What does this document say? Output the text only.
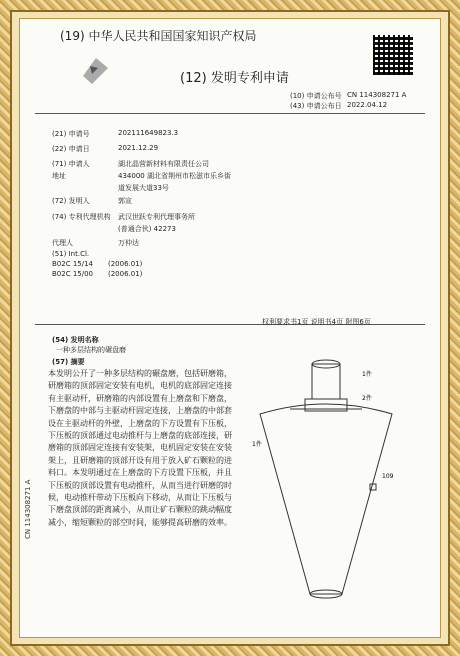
(19) 中华人民共和国国家知识产权局
(12) 发明专利申请
(10) 申请公布号 CN 114308271 A
(43) 申请公布日 2022.04.12
(21) 申请号	202111649823.3
(22) 申请日	2021.12.29
(71) 申请人	湖北晶营新材料有限责任公司
地址	434000 湖北省荆州市松滋市乐乡街
道发展大道33号
(72) 发明人	郭宣
(74) 专利代理机构 武汉世跃专利代理事务所
(普通合伙) 42273
代理人	万仲达
(51) Int.Cl.
B02C 15/14 (2006.01)
B02C 15/00 (2006.01)
权利要求书1页 说明书4页 附图6页
(54) 发明名称
一种多层结构的碾盘磨
(57) 摘要
本发明公开了一种多层结构的碾盘磨，包括研磨箱，研磨箱的顶部固定安装有电机，电机的底部固定连接有主驱动杆，研磨箱的内部设置有上磨盘和下磨盘，下磨盘的中部与主驱动杆固定连接，上磨盘的中部套设在主驱动杆的外壁，上磨盘的下方设置有下压板，下压板的顶部通过电动推杆与上磨盘的底部连接，研磨箱的顶部固定连接有安装架，电机固定安装在安装架上，且研磨箱的顶部开设有用于放入矿石颗粒的进料口。本发明通过在上磨盘的下方设置下压板，并且下压板的顶部设置有电动推杆，从而当进行研磨的时候，电动推杆带动下压板向下移动，从而让下压板与下磨盘顶部的距离减小，从而让矿石颗粒的跳动幅度减小，缩短颗粒的部空时间，能够提高研磨的效率。
1件
2件
1件
109
CN 114308271 A
